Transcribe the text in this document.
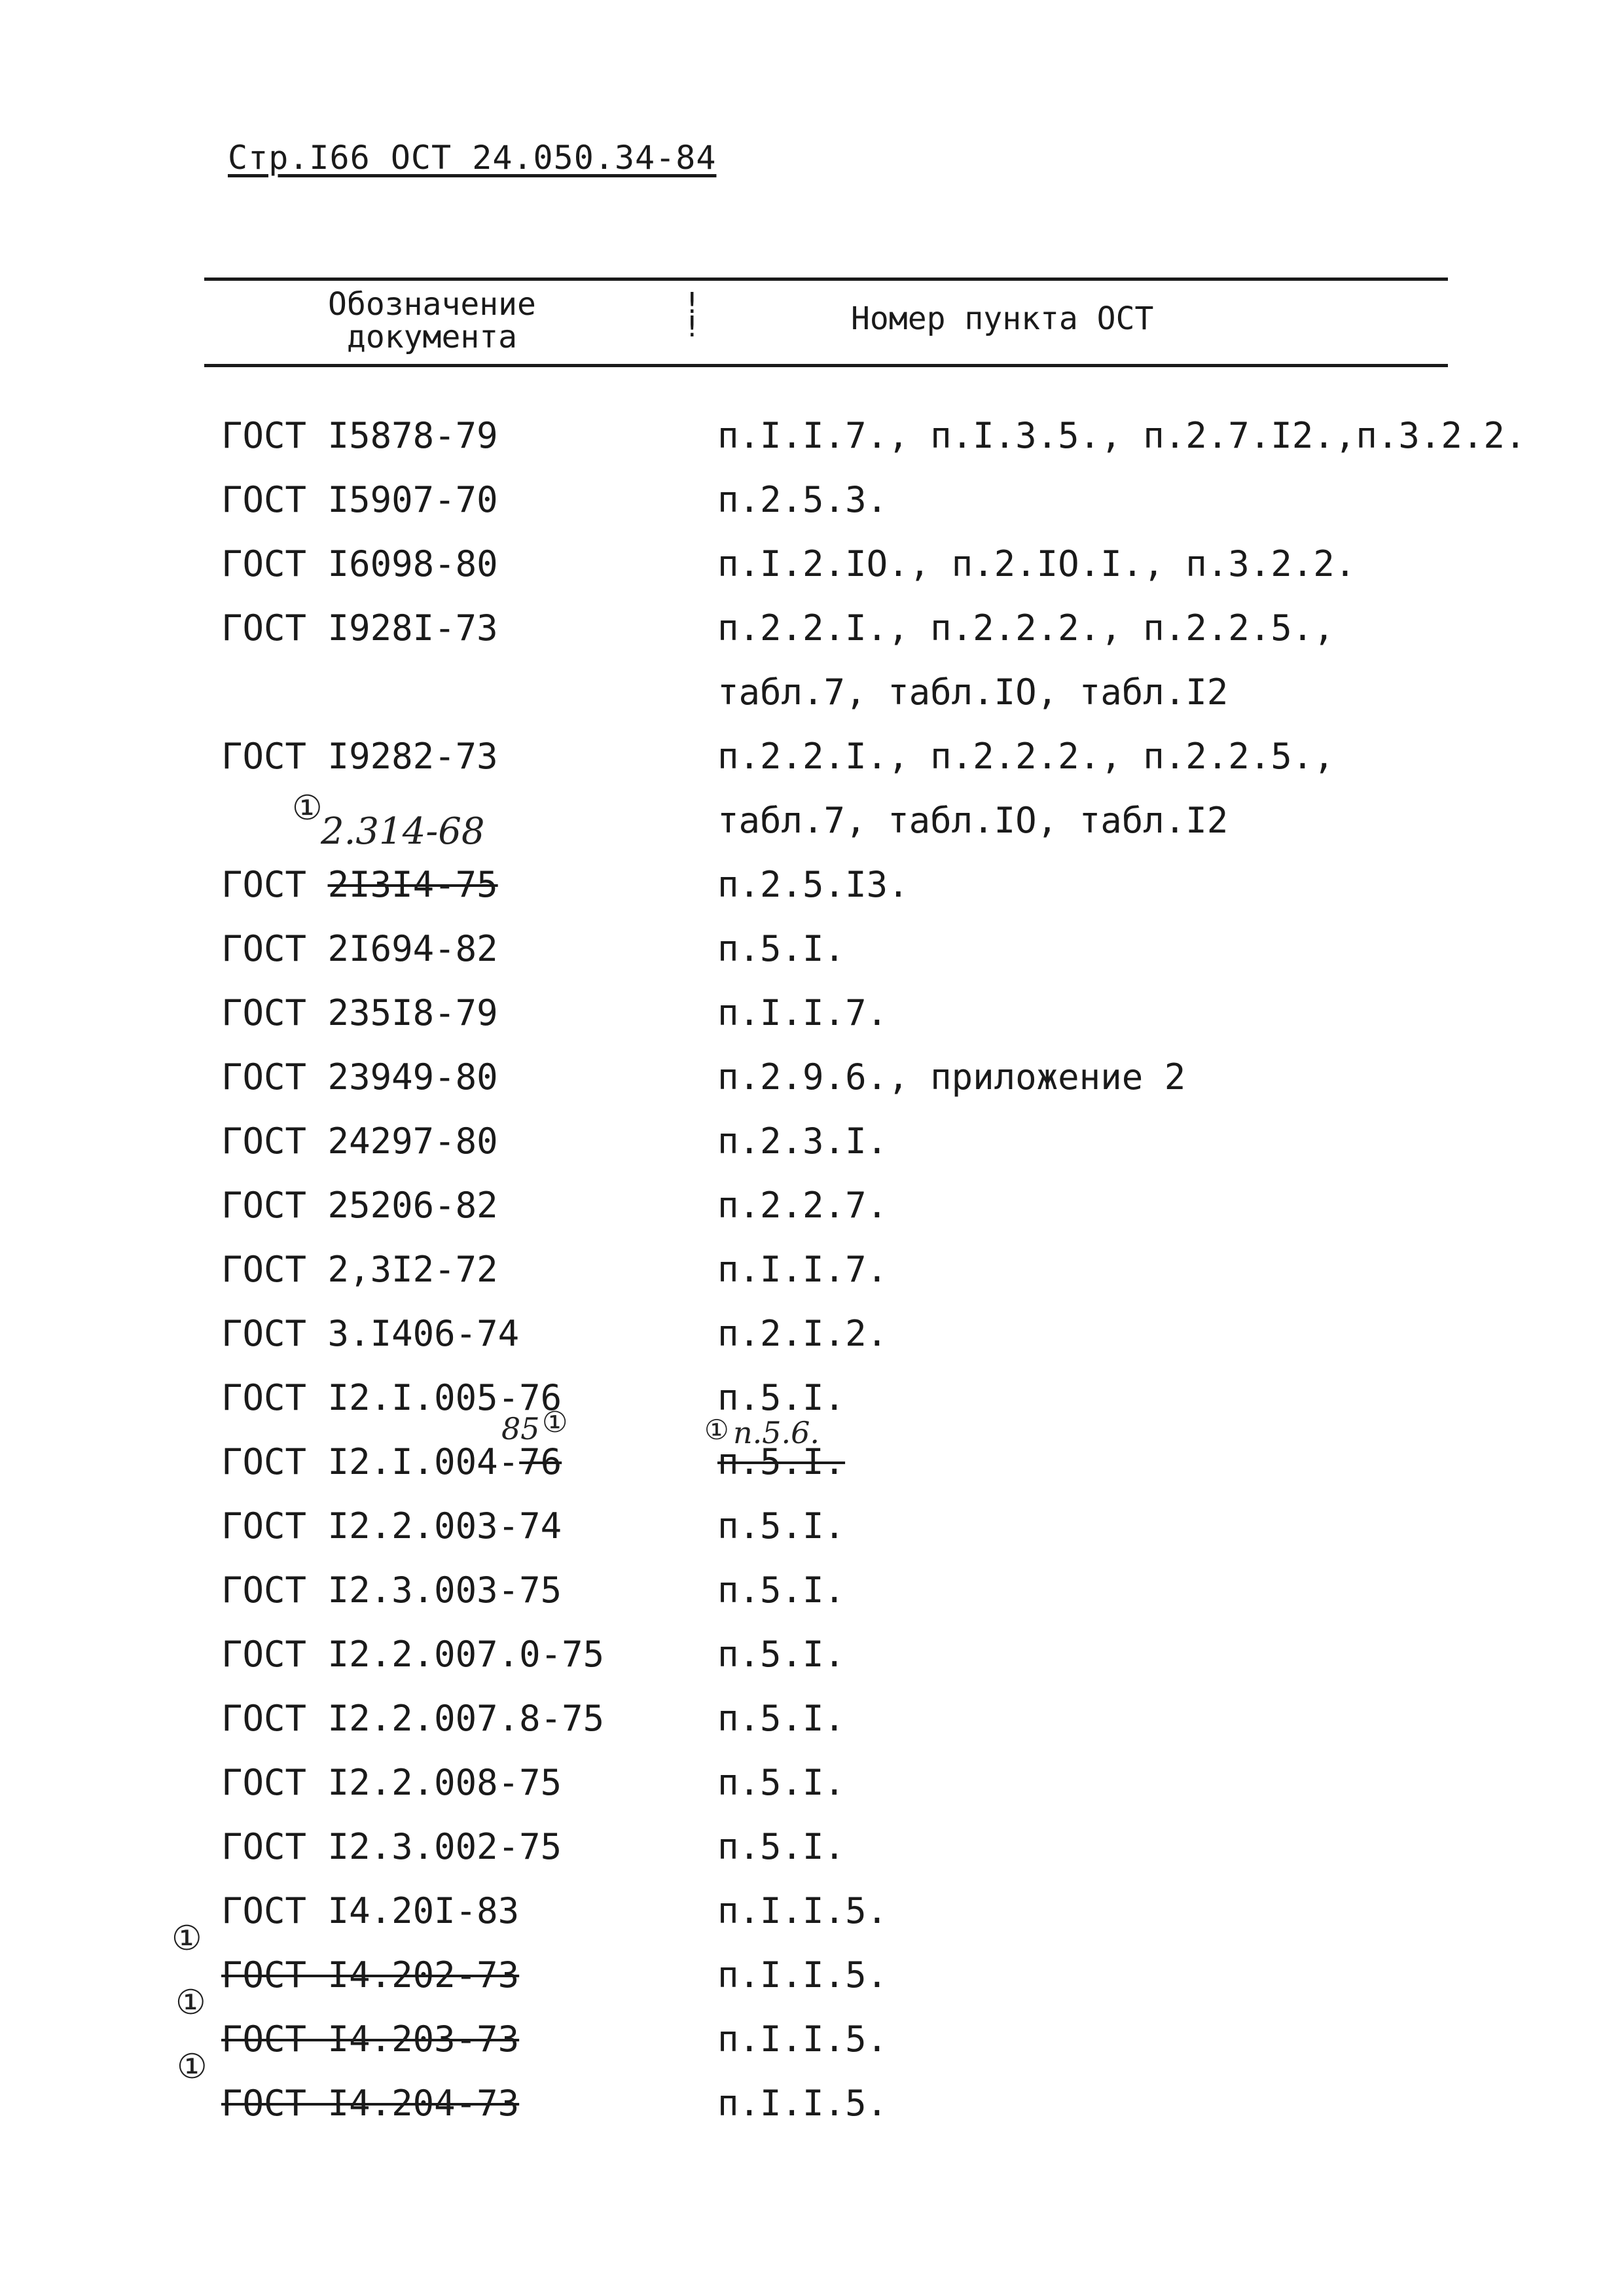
Стр.I66 ОСТ 24.050.34-84
Обозначение
документа
!
!	Номер пункта ОСТ
ГОСТ I5878-79	п.I.I.7., п.I.3.5., п.2.7.I2.,п.3.2.2.
ГОСТ I5907-70	п.2.5.3.
ГОСТ I6098-80	п.I.2.IO., п.2.IO.I., п.3.2.2.
ГОСТ I928I-73	п.2.2.I., п.2.2.2., п.2.2.5.,
табл.7, табл.IO, табл.I2
ГОСТ I9282-73	п.2.2.I., п.2.2.2., п.2.2.5.,
табл.7, табл.IO, табл.I2
①
2.314-68
ГОСТ 2I3I4-75	п.2.5.I3.
ГОСТ 2I694-82	п.5.I.
ГОСТ 235I8-79	п.I.I.7.
ГОСТ 23949-80	п.2.9.6., приложение 2
ГОСТ 24297-80	п.2.3.I.
ГОСТ 25206-82	п.2.2.7.
ГОСТ 2,3I2-72	п.I.I.7.
ГОСТ 3.I406-74	п.2.I.2.
ГОСТ I2.I.005-76	п.5.I.
85 ①	① п.5.6.
ГОСТ I2.I.004-76	п.5.I.
ГОСТ I2.2.003-74	п.5.I.
ГОСТ I2.3.003-75	п.5.I.
ГОСТ I2.2.007.0-75	п.5.I.
ГОСТ I2.2.007.8-75	п.5.I.
ГОСТ I2.2.008-75	п.5.I.
ГОСТ I2.3.002-75	п.5.I.
ГОСТ I4.20I-83	п.I.I.5.
①
ГОСТ I4.202-73	п.I.I.5.
①
ГОСТ I4.203-73	п.I.I.5.
①
ГОСТ I4.204-73	п.I.I.5.
